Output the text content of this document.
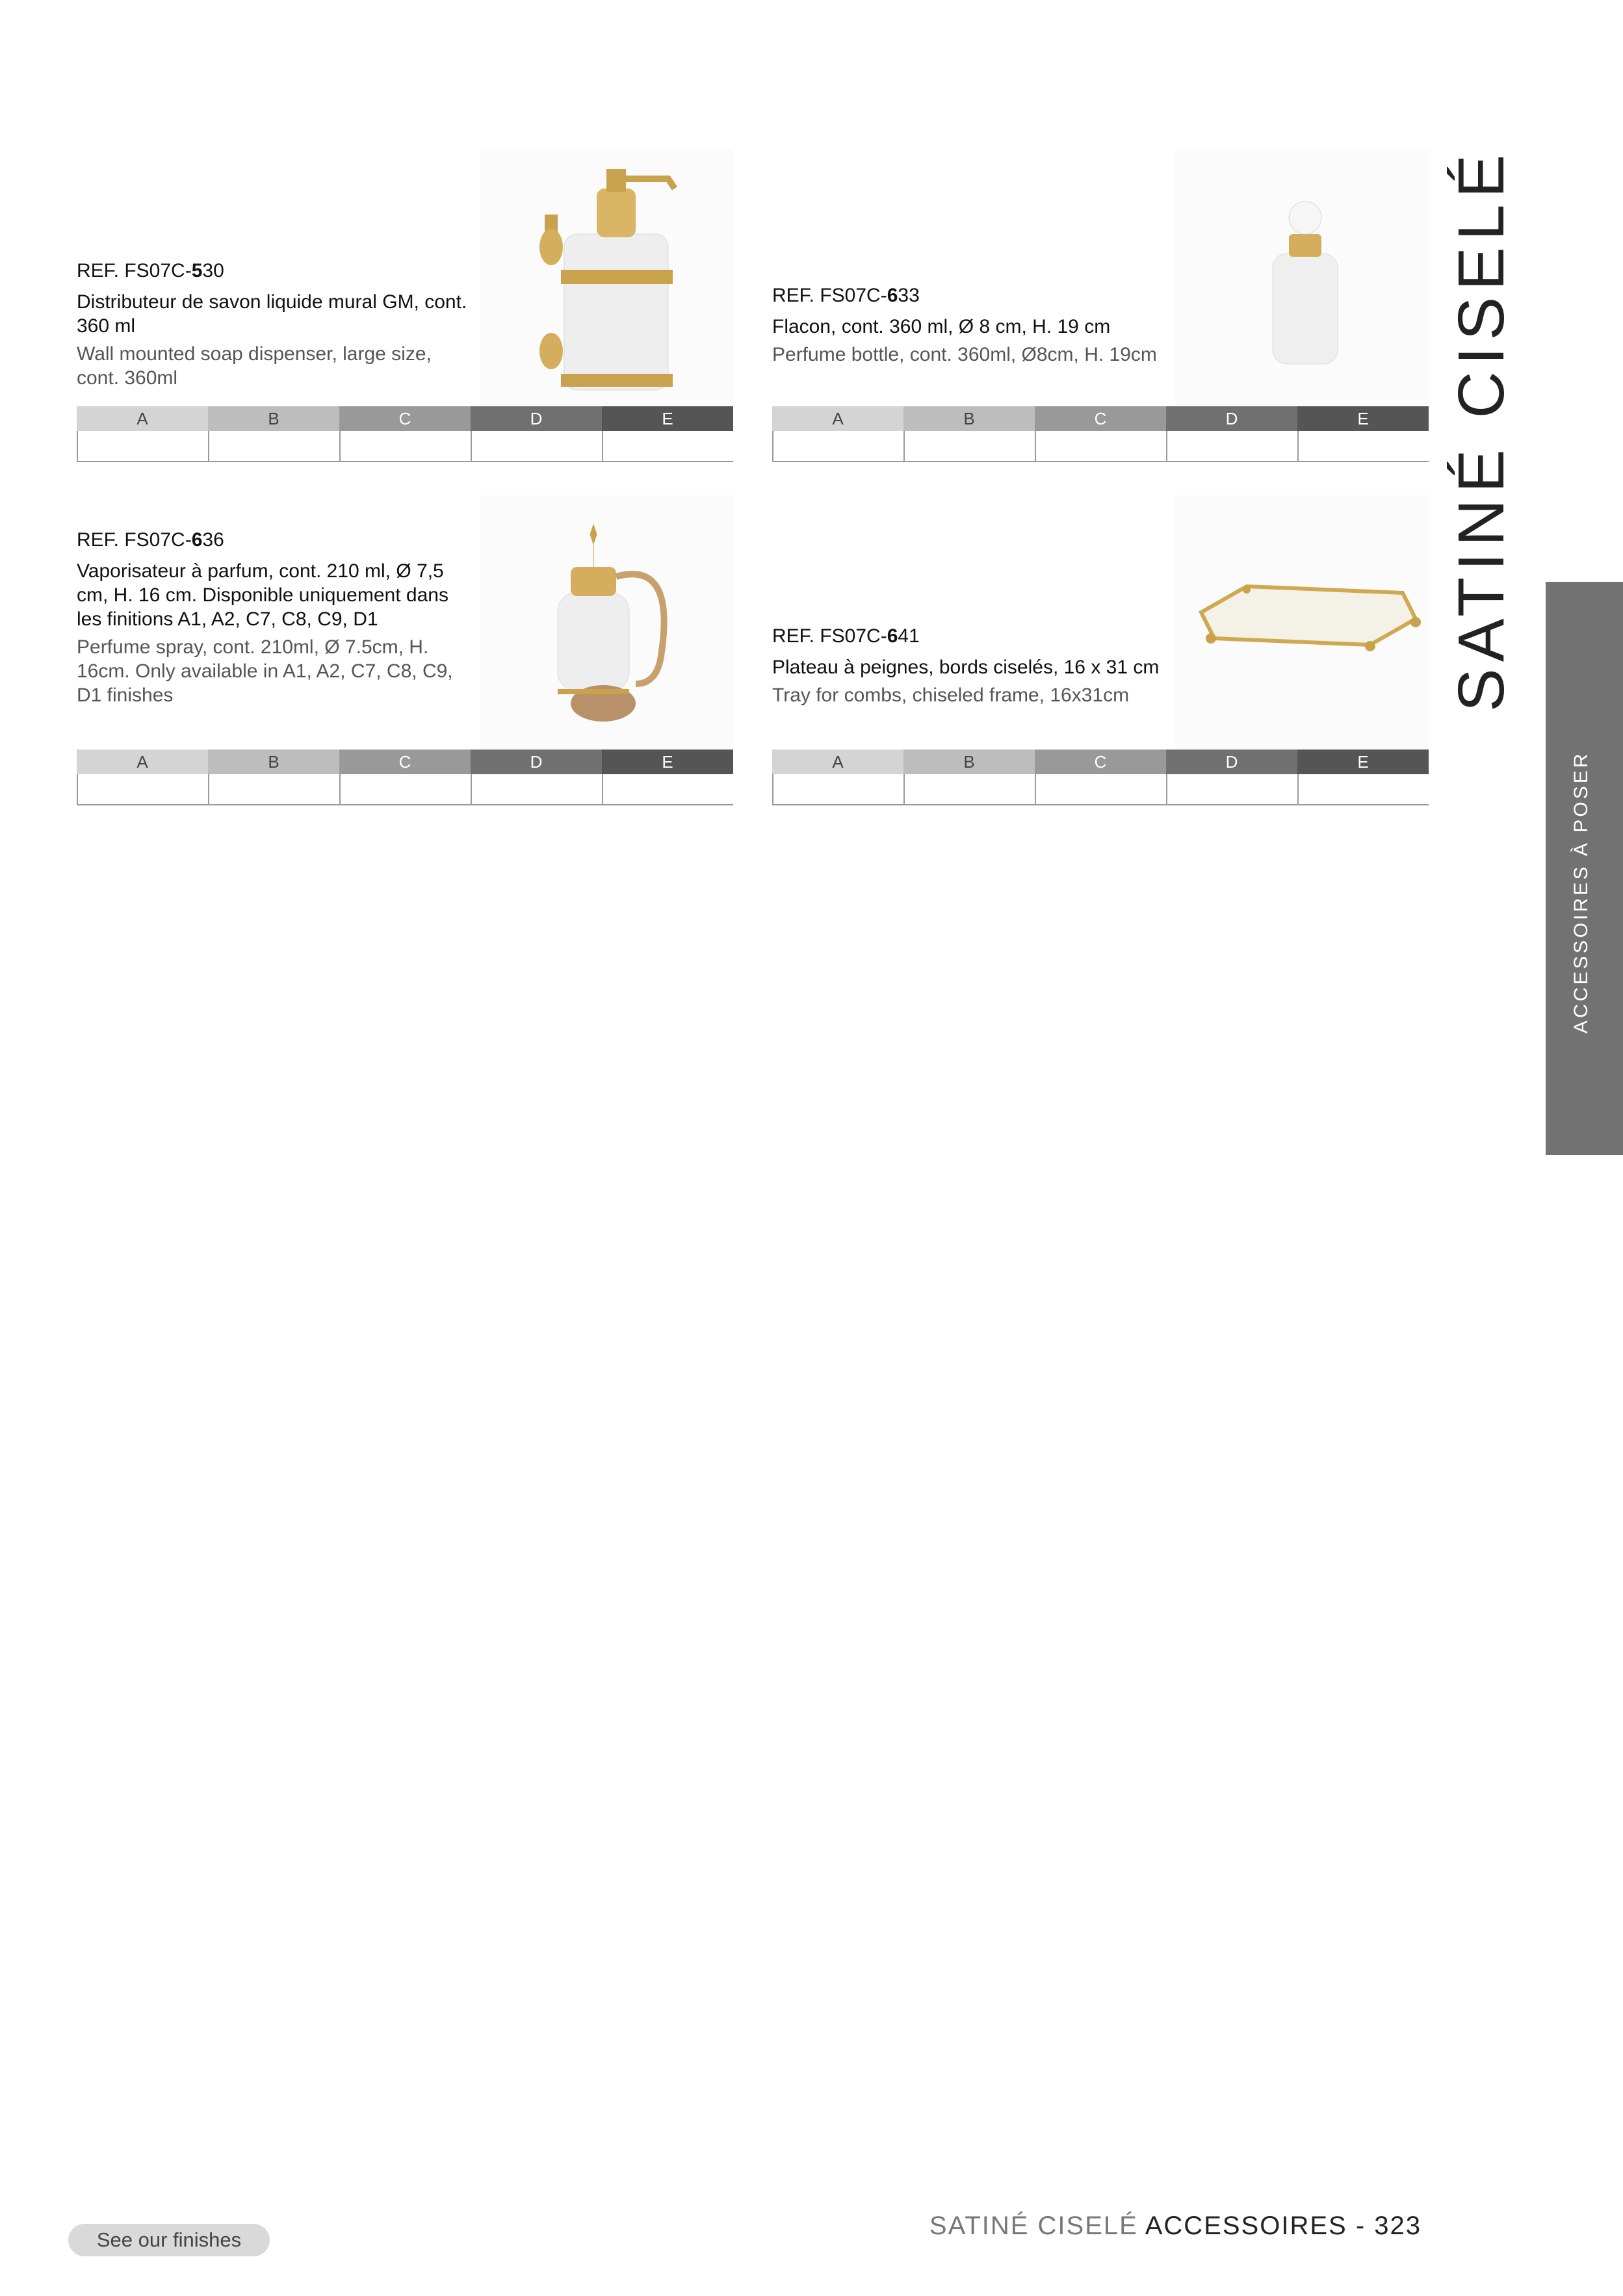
REF. FS07C-530
Distributeur de savon liquide mural GM, cont. 360 ml
Wall mounted soap dispenser, large size, cont. 360ml
A	B	C	D	E
REF. FS07C-633
Flacon, cont. 360 ml, Ø 8 cm, H. 19 cm
Perfume bottle, cont. 360ml, Ø8cm, H. 19cm
A	B	C	D	E
REF. FS07C-636
Vaporisateur à parfum, cont. 210 ml, Ø 7,5 cm, H. 16 cm. Disponible uniquement dans les finitions A1, A2, C7, C8, C9, D1
Perfume spray, cont. 210ml, Ø 7.5cm, H. 16cm. Only available in A1, A2, C7, C8, C9, D1 finishes
A	B	C	D	E
REF. FS07C-641
Plateau à peignes, bords ciselés, 16 x 31 cm
Tray for combs, chiseled frame, 16x31cm
A	B	C	D	E
SATINÉ CISELÉ
ACCESSOIRES À POSER
See our finishes	SATINÉ CISELÉ ACCESSOIRES - 323
